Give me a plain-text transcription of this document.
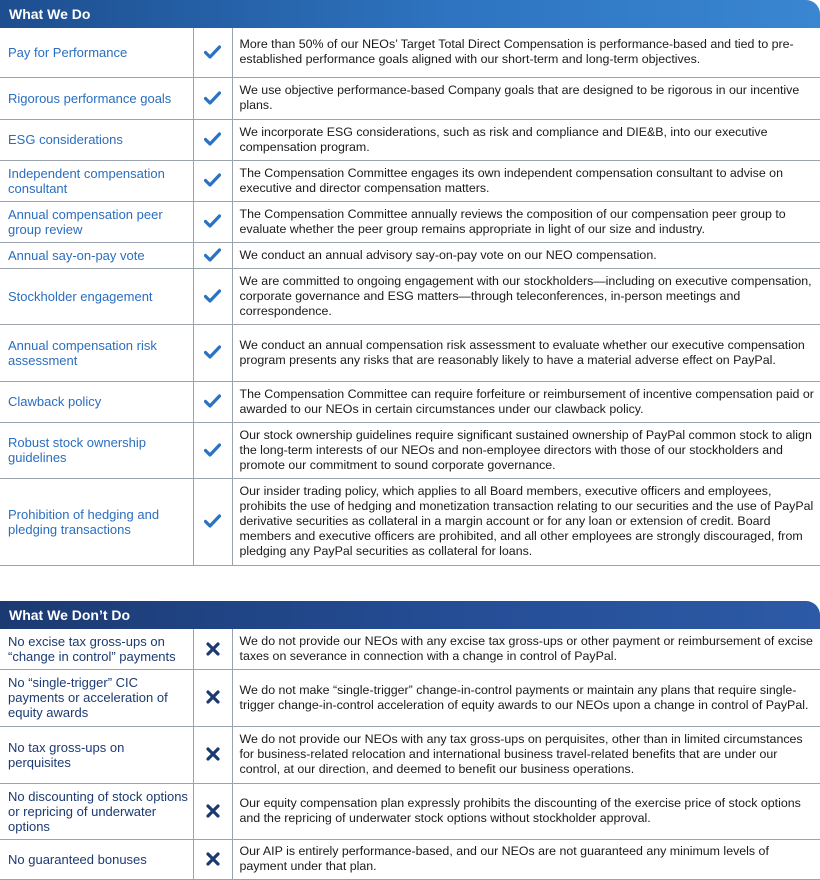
What We Do
Pay for Performance		More than 50% of our NEOs’ Target Total Direct Compensation is performance-based and tied to pre-established performance goals aligned with our short-term and long-term objectives.
Rigorous performance goals		We use objective performance-based Company goals that are designed to be rigorous in our incentive plans.
ESG considerations		We incorporate ESG considerations, such as risk and compliance and DIE&B, into our executive compensation program.
Independent compensation consultant		The Compensation Committee engages its own independent compensation consultant to advise on executive and director compensation matters.
Annual compensation peer group review		The Compensation Committee annually reviews the composition of our compensation peer group to evaluate whether the peer group remains appropriate in light of our size and industry.
Annual say-on-pay vote		We conduct an annual advisory say-on-pay vote on our NEO compensation.
Stockholder engagement		We are committed to ongoing engagement with our stockholders—including on executive compensation, corporate governance and ESG matters—through teleconferences, in-person meetings and correspondence.
Annual compensation risk assessment		We conduct an annual compensation risk assessment to evaluate whether our executive compensation program presents any risks that are reasonably likely to have a material adverse effect on PayPal.
Clawback policy		The Compensation Committee can require forfeiture or reimbursement of incentive compensation paid or awarded to our NEOs in certain circumstances under our clawback policy.
Robust stock ownership guidelines		Our stock ownership guidelines require significant sustained ownership of PayPal common stock to align the long-term interests of our NEOs and non-employee directors with those of our stockholders and promote our commitment to sound corporate governance.
Prohibition of hedging and pledging transactions		Our insider trading policy, which applies to all Board members, executive officers and employees, prohibits the use of hedging and monetization transaction relating to our securities and the use of PayPal derivative securities as collateral in a margin account or for any loan or extension of credit. Board members and executive officers are prohibited, and all other employees are strongly discouraged, from pledging any PayPal securities as collateral for loans.
What We Don’t Do
No excise tax gross-ups on “change in control” payments		We do not provide our NEOs with any excise tax gross-ups or other payment or reimbursement of excise taxes on severance in connection with a change in control of PayPal.
No “single-trigger” CIC payments or acceleration of equity awards		We do not make “single-trigger” change-in-control payments or maintain any plans that require single-trigger change-in-control acceleration of equity awards to our NEOs upon a change in control of PayPal.
No tax gross-ups on perquisites		We do not provide our NEOs with any tax gross-ups on perquisites, other than in limited circumstances for business-related relocation and international business travel-related benefits that are under our control, at our direction, and deemed to benefit our business operations.
No discounting of stock options or repricing of underwater options		Our equity compensation plan expressly prohibits the discounting of the exercise price of stock options and the repricing of underwater stock options without stockholder approval.
No guaranteed bonuses		Our AIP is entirely performance-based, and our NEOs are not guaranteed any minimum levels of payment under that plan.
